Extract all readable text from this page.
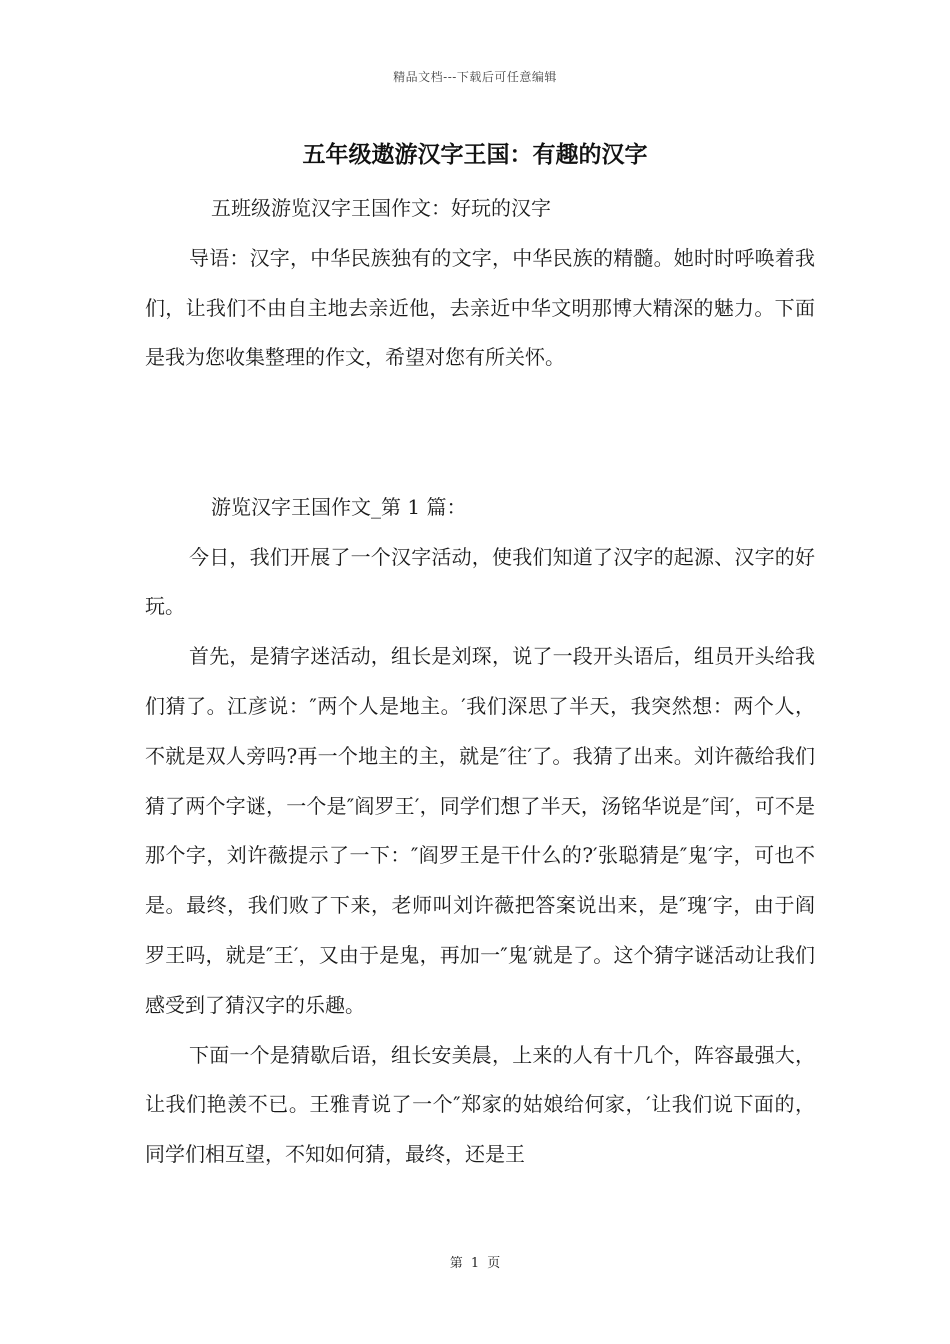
精品文档---下载后可任意编辑
五年级遨游汉字王国：有趣的汉字

五班级游览汉字王国作文：好玩的汉字

导语：汉字，中华民族独有的文字，中华民族的精髓。她时时呼唤着我们，让我们不由自主地去亲近他，去亲近中华文明那博大精深的魅力。下面是我为您收集整理的作文，希望对您有所关怀。

游览汉字王国作文_第 1 篇：

今日，我们开展了一个汉字活动，使我们知道了汉字的起源、汉字的好玩。

首先，是猜字迷活动，组长是刘琛，说了一段开头语后，组员开头给我们猜了。江彦说：″两个人是地主。′我们深思了半天，我突然想：两个人，不就是双人旁吗?再一个地主的主，就是″往′了。我猜了出来。刘许薇给我们猜了两个字谜，一个是″阎罗王′，同学们想了半天，汤铭华说是″闰′，可不是那个字，刘许薇提示了一下：″阎罗王是干什么的?′张聪猜是″鬼′字，可也不是。最终，我们败了下来，老师叫刘许薇把答案说出来，是″瑰′字，由于阎罗王吗，就是″王′，又由于是鬼，再加一″鬼′就是了。这个猜字谜活动让我们感受到了猜汉字的乐趣。

下面一个是猜歇后语，组长安美晨，上来的人有十几个，阵容最强大，让我们艳羡不已。王雅青说了一个″郑家的姑娘给何家，′让我们说下面的，同学们相互望，不知如何猜，最终，还是王

第 1 页
